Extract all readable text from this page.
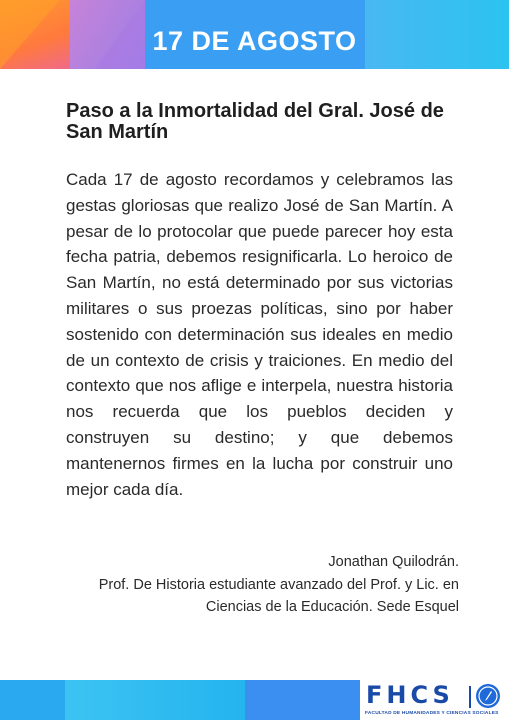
17 DE AGOSTO
Paso a la Inmortalidad del Gral. José de San Martín
Cada 17 de agosto recordamos y celebramos las gestas gloriosas que realizo José de San Martín. A pesar de lo protocolar que puede parecer hoy esta fecha patria, debemos resignificarla. Lo heroico de San Martín, no está determinado por sus victorias militares o sus proezas políticas, sino por haber sostenido con determinación sus ideales en medio de un contexto de crisis y traiciones. En medio del contexto que nos aflige e interpela, nuestra historia nos recuerda que los pueblos deciden y construyen su destino; y que debemos mantenernos firmes en la lucha por construir uno mejor cada día.
Jonathan Quilodrán.
Prof. De Historia estudiante avanzado del Prof. y Lic. en
Ciencias de la Educación. Sede Esquel
FHCS
FACULTAD DE HUMANIDADES Y CIENCIAS SOCIALES
